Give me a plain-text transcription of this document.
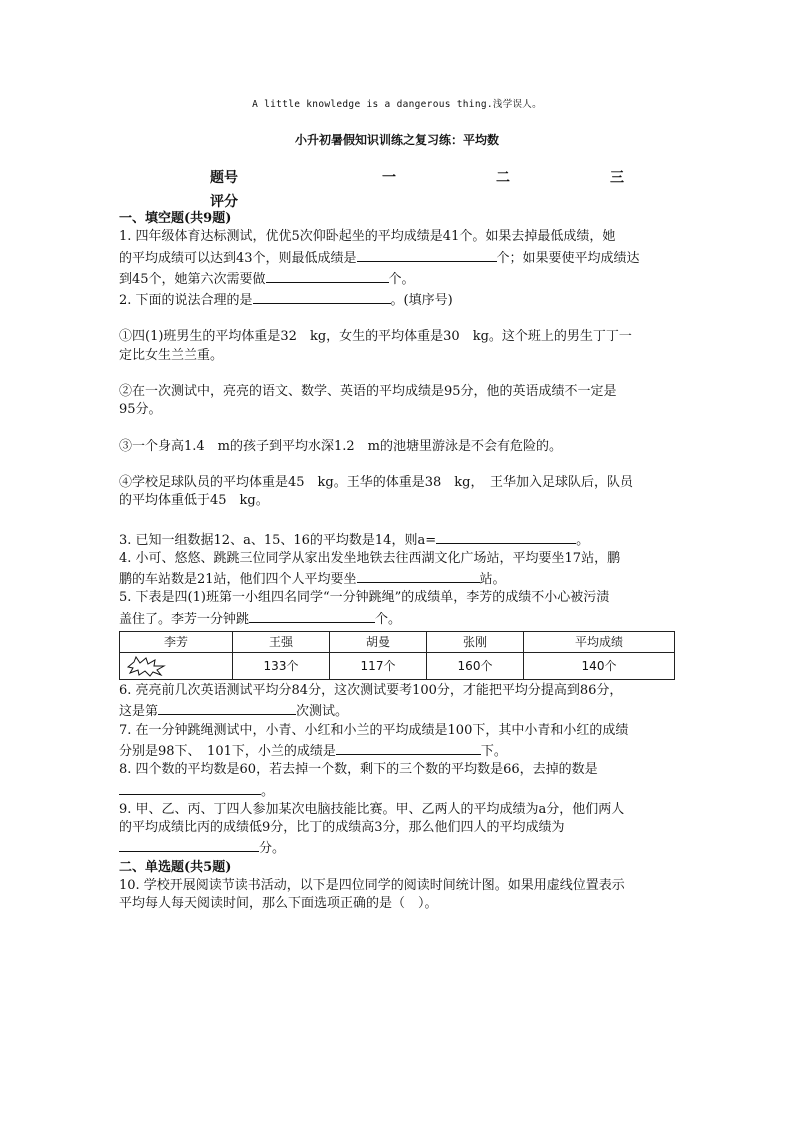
A little knowledge is a dangerous thing.浅学误人。
小升初暑假知识训练之复习练：平均数
题号	一	二	三
评分

一、填空题(共9题)

1. 四年级体育达标测试，优优5次仰卧起坐的平均成绩是41个。如果去掉最低成绩，她
的平均成绩可以达到43个，则最低成绩是	个；如果要使平均成绩达
到45个，她第六次需要做	个。

2. 下面的说法合理的是	。(填序号)

①四(1)班男生的平均体重是32　kg，女生的平均体重是30　kg。这个班上的男生丁丁一
定比女生兰兰重。

②在一次测试中，亮亮的语文、数学、英语的平均成绩是95分，他的英语成绩不一定是
95分。

③一个身高1.4　m的孩子到平均水深1.2　m的池塘里游泳是不会有危险的。

④学校足球队员的平均体重是45　kg。王华的体重是38　kg，　王华加入足球队后，队员
的平均体重低于45　kg。

3. 已知一组数据12、a、15、16的平均数是14，则a=	。

4. 小可、悠悠、跳跳三位同学从家出发坐地铁去往西湖文化广场站，平均要坐17站，鹏
鹏的车站数是21站，他们四个人平均要坐	站。

5. 下表是四(1)班第一小组四名同学“一分钟跳绳”的成绩单，李芳的成绩不小心被污渍
盖住了。李芳一分钟跳	个。

李芳	王强	胡曼	张刚	平均成绩
	133个	117个	160个	140个

6. 亮亮前几次英语测试平均分84分，这次测试要考100分，才能把平均分提高到86分，
这是第	次测试。

7. 在一分钟跳绳测试中，小青、小红和小兰的平均成绩是100下，其中小青和小红的成绩
分别是98下、　101下，小兰的成绩是	下。

8. 四个数的平均数是60，若去掉一个数，剩下的三个数的平均数是66，去掉的数是
。

9. 甲、乙、丙、丁四人参加某次电脑技能比赛。甲、乙两人的平均成绩为a分，他们两人
的平均成绩比丙的成绩低9分，比丁的成绩高3分，那么他们四人的平均成绩为
分。

二、单选题(共5题)

10. 学校开展阅读节读书活动，以下是四位同学的阅读时间统计图。如果用虚线位置表示
平均每人每天阅读时间，那么下面选项正确的是（　）。
